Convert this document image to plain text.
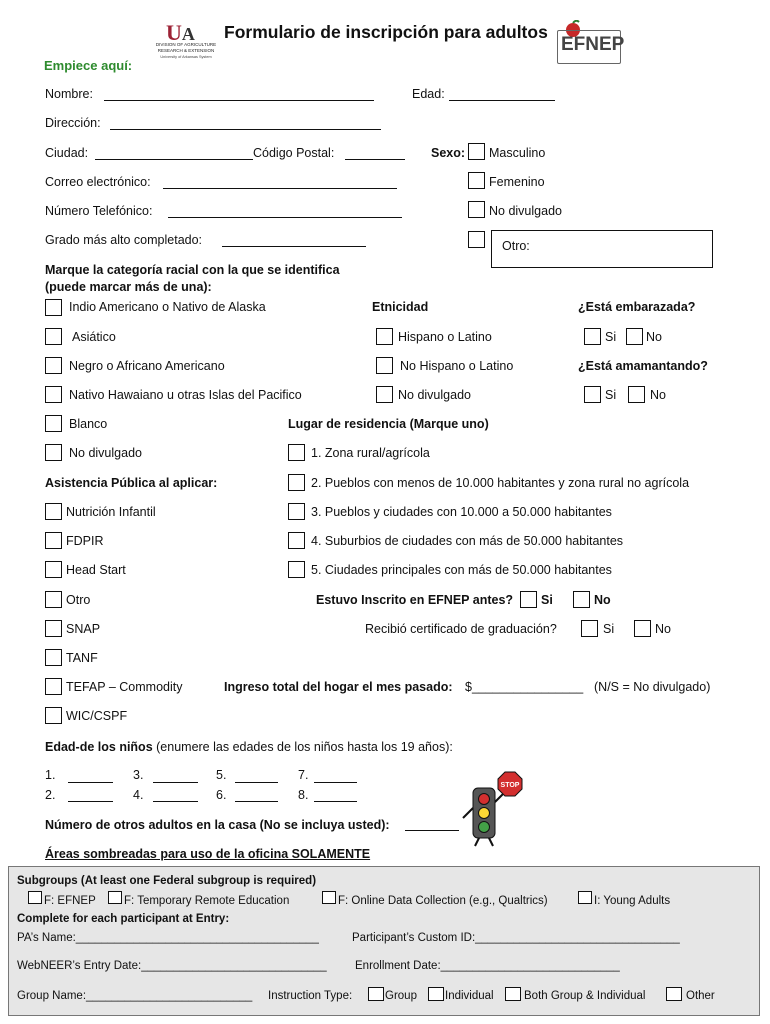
UA
DIVISION OF AGRICULTURE RESEARCH & EXTENSION
University of Arkansas System
Formulario de inscripción para adultos
EFNEP
Empiece aquí:
Nombre:	Edad:
Dirección:
Ciudad:	Código Postal:
Correo electrónico:
Número Telefónico:
Grado más alto completado:
Sexo: Masculino
Femenino
No divulgado
Otro:
Marque la categoría racial con la que se identifica
(puede marcar más de una):
Indio Americano o Nativo de Alaska
Asiático
Negro o Africano Americano
Nativo Hawaiano u otras Islas del Pacifico
Blanco
No divulgado
Etnicidad
Hispano o Latino
No Hispano o Latino
No divulgado
¿Está embarazada?
Si No
¿Está amamantando?
Si	No
Lugar de residencia (Marque uno)
1. Zona rural/agrícola
2. Pueblos con menos de 10.000 habitantes y zona rural no agrícola
3. Pueblos y ciudades con 10.000 a 50.000 habitantes
4. Suburbios de ciudades con más de 50.000 habitantes
5. Ciudades principales con más de 50.000 habitantes
Asistencia Pública al aplicar:
Nutrición Infantil
FDPIR
Head Start
Otro
SNAP
TANF
TEFAP – Commodity
WIC/CSPF
Estuvo Inscrito en EFNEP antes? Si	No
Recibió certificado de graduación?	Si	No
Ingreso total del hogar el mes pasado: $________________ (N/S = No divulgado)
Edad-de los niños (enumere las edades de los niños hasta los 19 años):
1.
2.
3.
4.
5.
6.
7.
8.
Número de otros adultos en la casa (No se incluya usted):
STOP
Áreas sombreadas para uso de la oficina SOLAMENTE
Subgroups (At least one Federal subgroup is required)
F: EFNEP F: Temporary Remote Education	F: Online Data Collection (e.g., Qualtrics)	I: Young Adults
Complete for each participant at Entry:
PA’s Name:______________________________________	Participant’s Custom ID:________________________________
WebNEER’s Entry Date:_____________________________ Enrollment Date:____________________________
Group Name:__________________________ Instruction Type:	Group Individual	Both Group & Individual	Other
